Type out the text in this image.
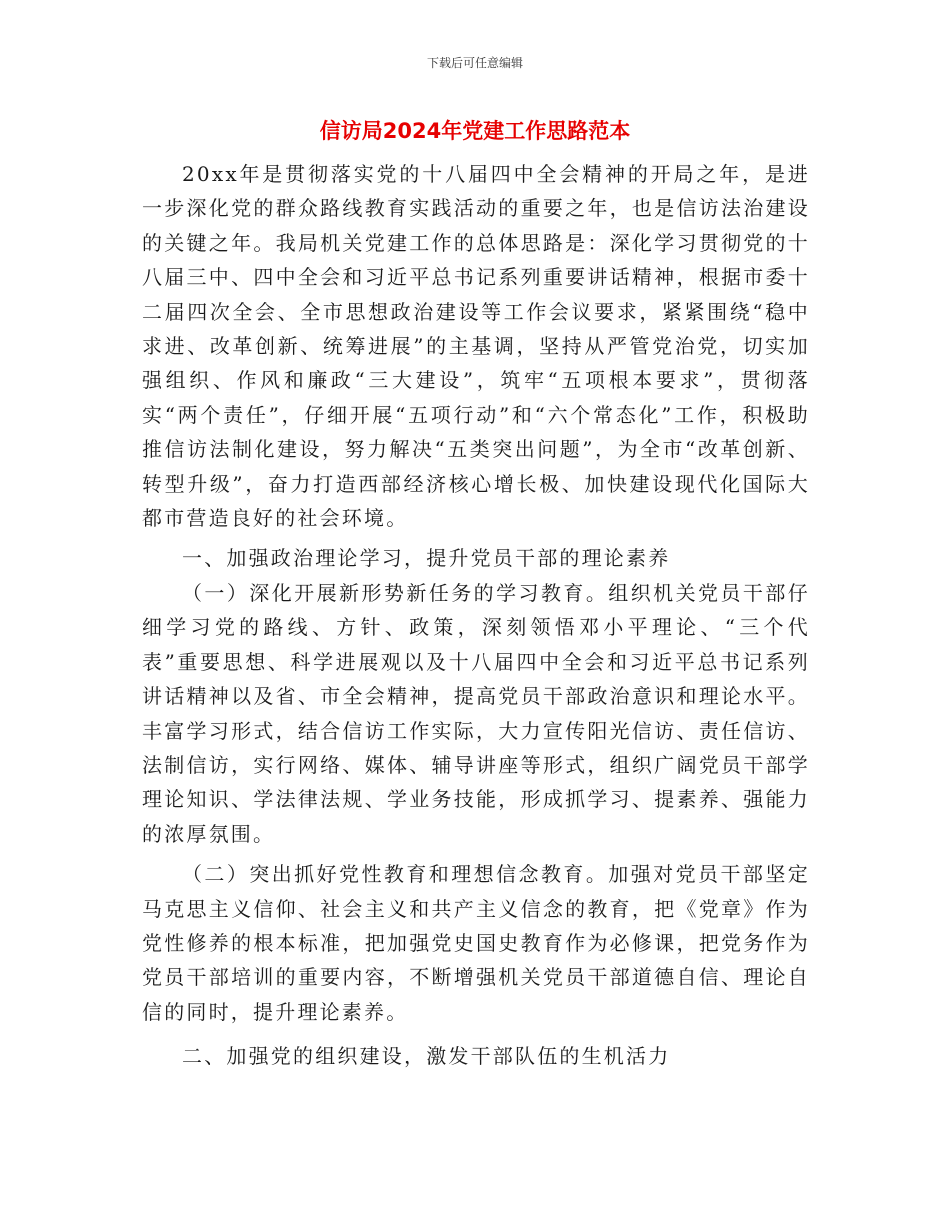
下载后可任意编辑
信访局2024年党建工作思路范本

20xx年是贯彻落实党的十八届四中全会精神的开局之年，是进一步深化党的群众路线教育实践活动的重要之年，也是信访法治建设的关键之年。我局机关党建工作的总体思路是：深化学习贯彻党的十八届三中、四中全会和习近平总书记系列重要讲话精神，根据市委十二届四次全会、全市思想政治建设等工作会议要求，紧紧围绕“稳中求进、改革创新、统筹进展”的主基调，坚持从严管党治党，切实加强组织、作风和廉政“三大建设”，筑牢“五项根本要求”，贯彻落实“两个责任”，仔细开展“五项行动”和“六个常态化”工作，积极助推信访法制化建设，努力解决“五类突出问题”，为全市“改革创新、转型升级”，奋力打造西部经济核心增长极、加快建设现代化国际大都市营造良好的社会环境。

一、加强政治理论学习，提升党员干部的理论素养

（一）深化开展新形势新任务的学习教育。组织机关党员干部仔细学习党的路线、方针、政策，深刻领悟邓小平理论、“三个代表”重要思想、科学进展观以及十八届四中全会和习近平总书记系列讲话精神以及省、市全会精神，提高党员干部政治意识和理论水平。丰富学习形式，结合信访工作实际，大力宣传阳光信访、责任信访、法制信访，实行网络、媒体、辅导讲座等形式，组织广阔党员干部学理论知识、学法律法规、学业务技能，形成抓学习、提素养、强能力的浓厚氛围。

（二）突出抓好党性教育和理想信念教育。加强对党员干部坚定马克思主义信仰、社会主义和共产主义信念的教育，把《党章》作为党性修养的根本标准，把加强党史国史教育作为必修课，把党务作为党员干部培训的重要内容，不断增强机关党员干部道德自信、理论自信的同时，提升理论素养。

二、加强党的组织建设，激发干部队伍的生机活力
